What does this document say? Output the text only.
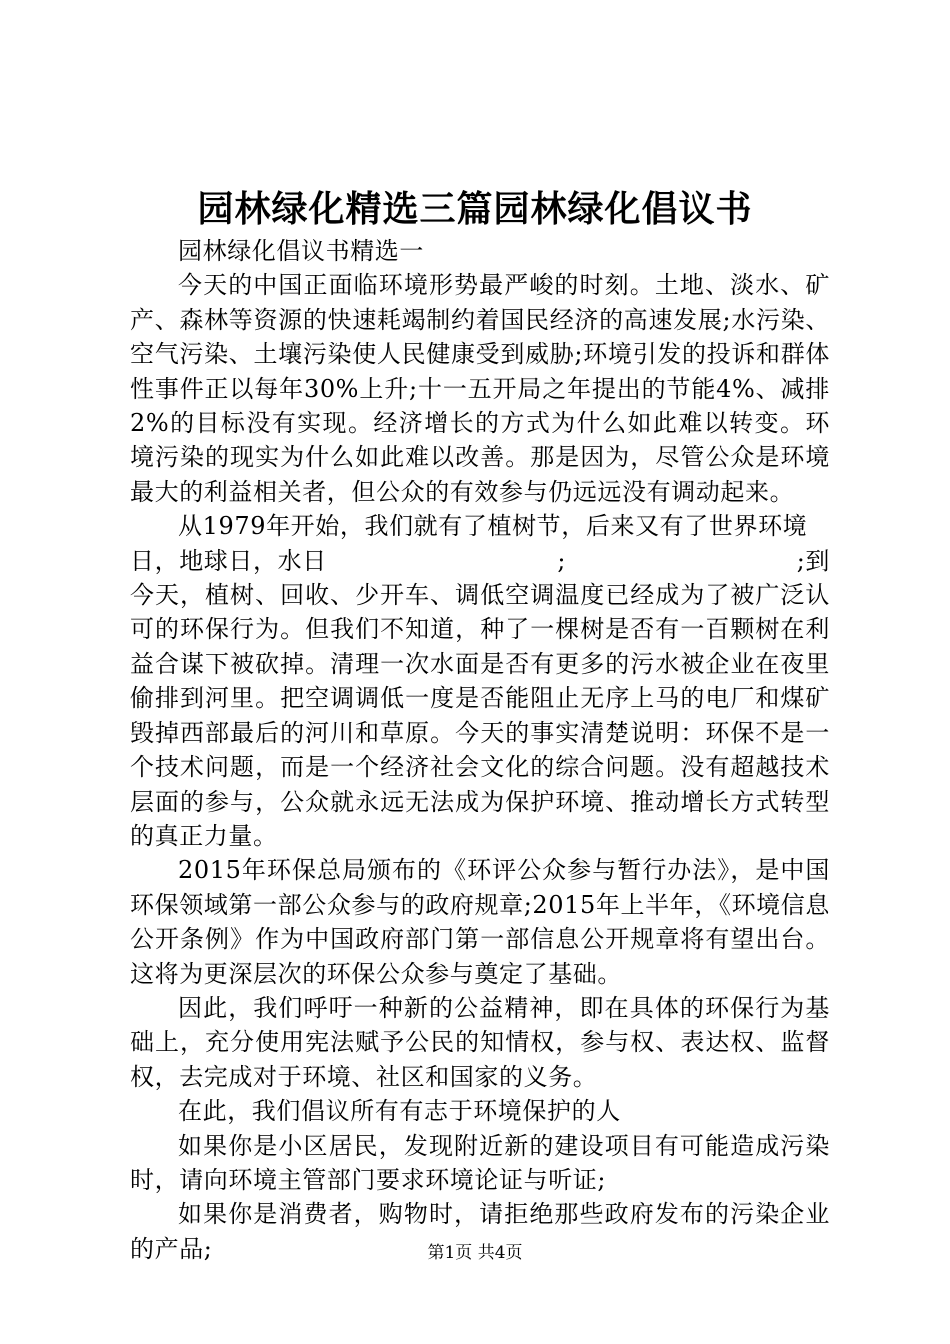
园林绿化精选三篇园林绿化倡议书

园林绿化倡议书精选一

今天的中国正面临环境形势最严峻的时刻。土地、淡水、矿产、森林等资源的快速耗竭制约着国民经济的高速发展;水污染、空气污染、土壤污染使人民健康受到威胁;环境引发的投诉和群体性事件正以每年30%上升;十一五开局之年提出的节能4%、减排2%的目标没有实现。经济增长的方式为什么如此难以转变。环境污染的现实为什么如此难以改善。那是因为，尽管公众是环境最大的利益相关者，但公众的有效参与仍远远没有调动起来。

从1979年开始，我们就有了植树节，后来又有了世界环境

日，地球日，水日	;	;到
今天，植树、回收、少开车、调低空调温度已经成为了被广泛认可的环保行为。但我们不知道，种了一棵树是否有一百颗树在利益合谋下被砍掉。清理一次水面是否有更多的污水被企业在夜里偷排到河里。把空调调低一度是否能阻止无序上马的电厂和煤矿毁掉西部最后的河川和草原。今天的事实清楚说明：环保不是一个技术问题，而是一个经济社会文化的综合问题。没有超越技术层面的参与，公众就永远无法成为保护环境、推动增长方式转型的真正力量。

2015年环保总局颁布的《环评公众参与暂行办法》，是中国环保领域第一部公众参与的政府规章;2015年上半年，《环境信息公开条例》作为中国政府部门第一部信息公开规章将有望出台。这将为更深层次的环保公众参与奠定了基础。

因此，我们呼吁一种新的公益精神，即在具体的环保行为基础上，充分使用宪法赋予公民的知情权，参与权、表达权、监督权，去完成对于环境、社区和国家的义务。

在此，我们倡议所有有志于环境保护的人

如果你是小区居民，发现附近新的建设项目有可能造成污染时，请向环境主管部门要求环境论证与听证;

如果你是消费者，购物时，请拒绝那些政府发布的污染企业的产品;	第1页 共4页
